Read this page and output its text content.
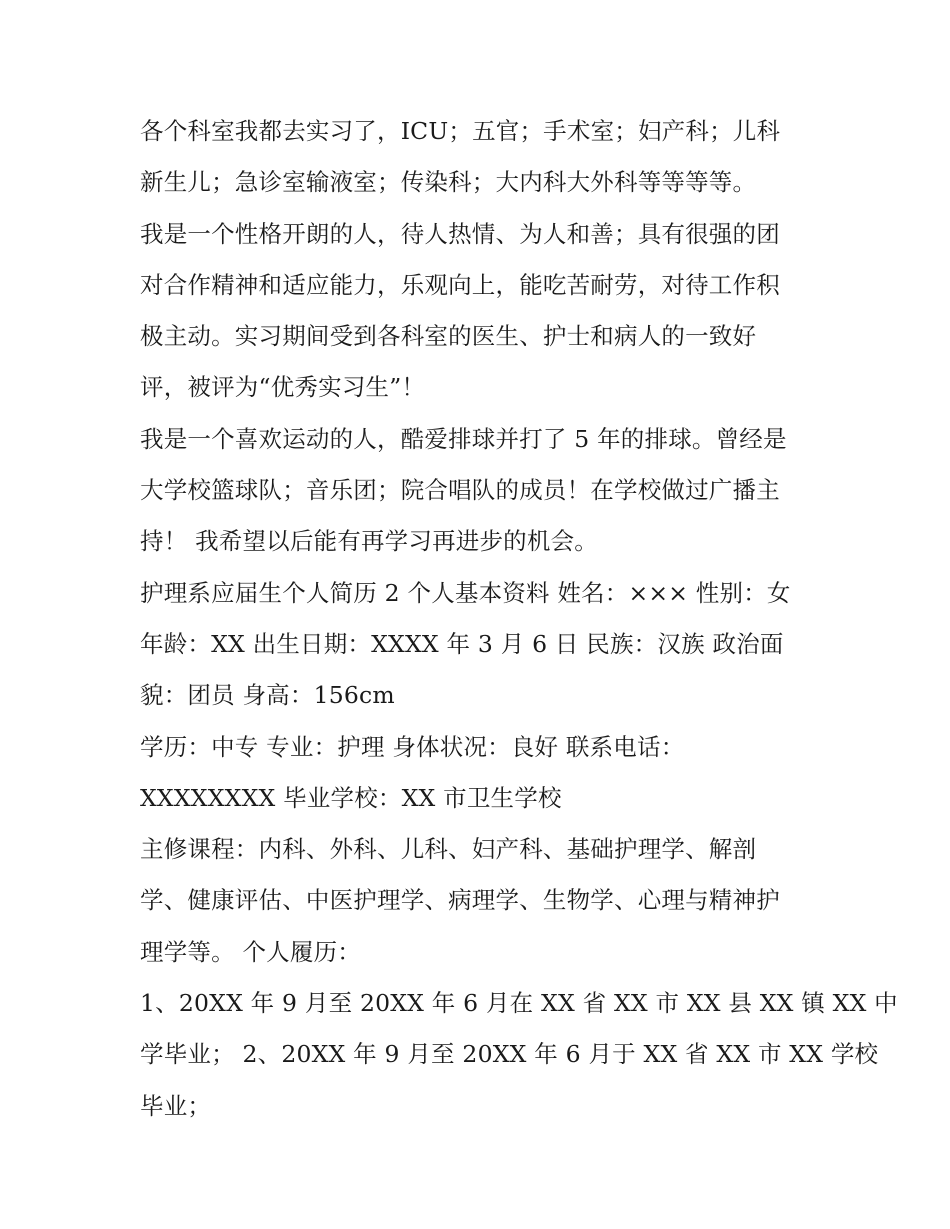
各个科室我都去实习了，ICU；五官；手术室；妇产科；儿科

新生儿；急诊室输液室；传染科；大内科大外科等等等等。

我是一个性格开朗的人，待人热情、为人和善；具有很强的团

对合作精神和适应能力，乐观向上，能吃苦耐劳，对待工作积

极主动。实习期间受到各科室的医生、护士和病人的一致好

评，被评为“优秀实习生”！

我是一个喜欢运动的人，酷爱排球并打了 5 年的排球。曾经是

大学校篮球队；音乐团；院合唱队的成员！在学校做过广播主

持！ 我希望以后能有再学习再进步的机会。

护理系应届生个人简历 2 个人基本资料 姓名：××× 性别：女

年龄：XX 出生日期：XXXX 年 3 月 6 日 民族：汉族 政治面

貌：团员 身高：156cm

学历：中专 专业：护理 身体状况：良好 联系电话：

XXXXXXXX 毕业学校：XX 市卫生学校

主修课程：内科、外科、儿科、妇产科、基础护理学、解剖

学、健康评估、中医护理学、病理学、生物学、心理与精神护

理学等。 个人履历：

1、20XX 年 9 月至 20XX 年 6 月在 XX 省 XX 市 XX 县 XX 镇 XX 中

学毕业； 2、20XX 年 9 月至 20XX 年 6 月于 XX 省 XX 市 XX 学校

毕业；
